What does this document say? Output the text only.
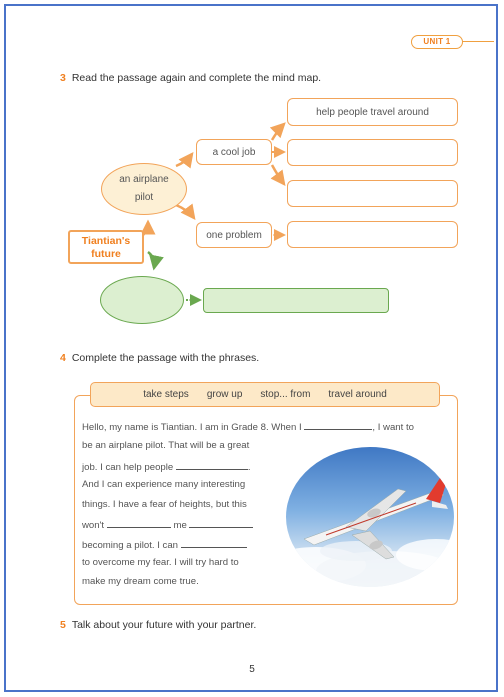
UNIT 1
3 Read the passage again and complete the mind map.
an airplane
pilot
Tiantian's
future
a cool job
one problem
help people travel around
4 Complete the passage with the phrases.
take steps grow up stop... from travel around
Hello, my name is Tiantian. I am in Grade 8. When I	, I want to
be an airplane pilot. That will be a great
job. I can help people	.
And I can experience many interesting
things. I have a fear of heights, but this
won't	me
becoming a pilot. I can
to overcome my fear. I will try hard to
make my dream come true.
5 Talk about your future with your partner.
5
